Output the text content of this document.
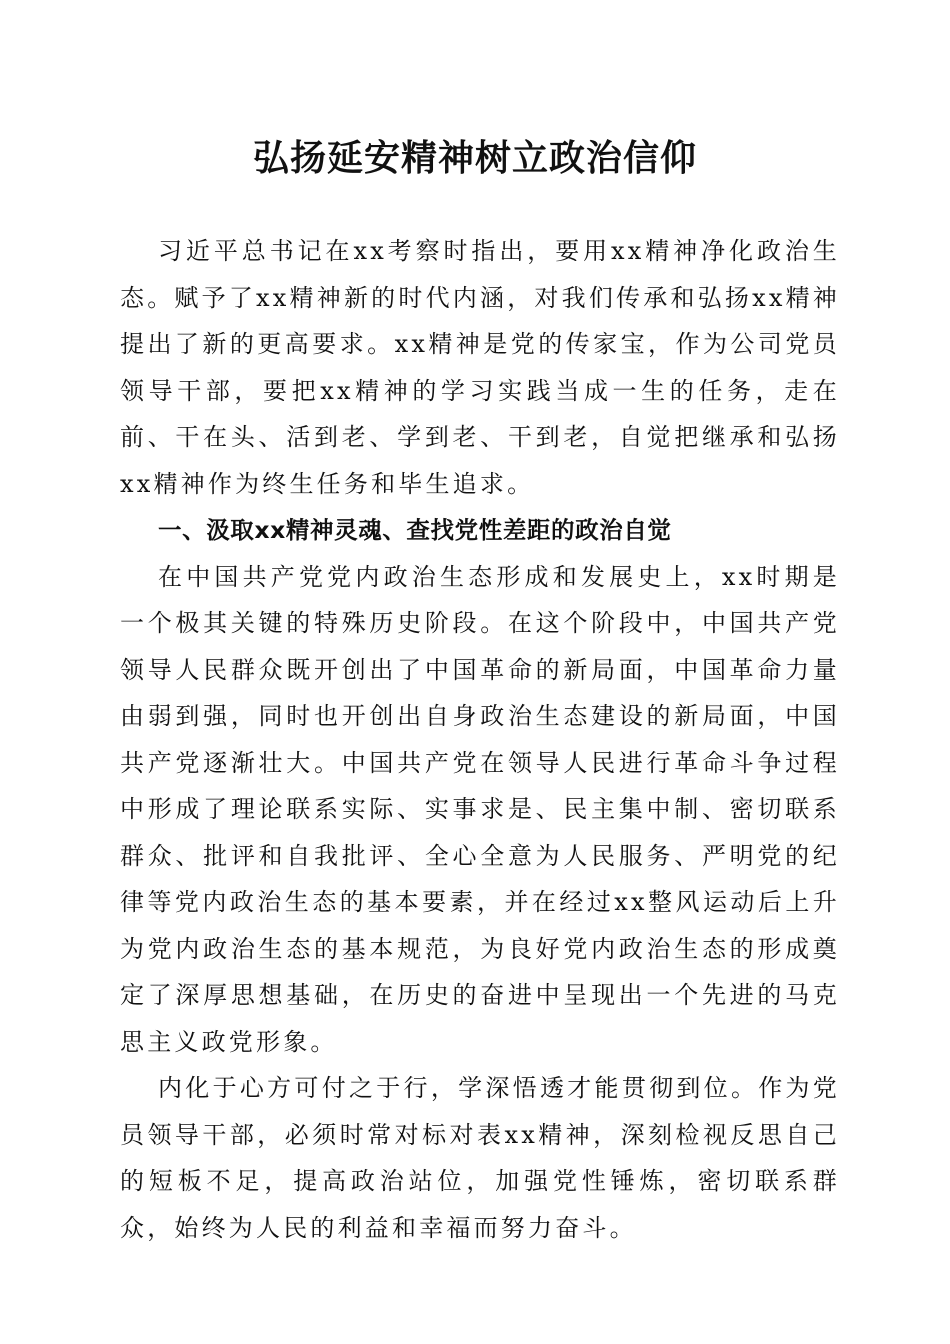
弘扬延安精神树立政治信仰

习近平总书记在xx考察时指出，要用xx精神净化政治生态。赋予了xx精神新的时代内涵，对我们传承和弘扬xx精神提出了新的更高要求。xx精神是党的传家宝，作为公司党员领导干部，要把xx精神的学习实践当成一生的任务，走在前、干在头、活到老、学到老、干到老，自觉把继承和弘扬xx精神作为终生任务和毕生追求。

一、汲取xx精神灵魂、查找党性差距的政治自觉

在中国共产党党内政治生态形成和发展史上，xx时期是一个极其关键的特殊历史阶段。在这个阶段中，中国共产党领导人民群众既开创出了中国革命的新局面，中国革命力量由弱到强，同时也开创出自身政治生态建设的新局面，中国共产党逐渐壮大。中国共产党在领导人民进行革命斗争过程中形成了理论联系实际、实事求是、民主集中制、密切联系群众、批评和自我批评、全心全意为人民服务、严明党的纪律等党内政治生态的基本要素，并在经过xx整风运动后上升为党内政治生态的基本规范，为良好党内政治生态的形成奠定了深厚思想基础，在历史的奋进中呈现出一个先进的马克思主义政党形象。

内化于心方可付之于行，学深悟透才能贯彻到位。作为党员领导干部，必须时常对标对表xx精神，深刻检视反思自己的短板不足，提高政治站位，加强党性锤炼，密切联系群众，始终为人民的利益和幸福而努力奋斗。
